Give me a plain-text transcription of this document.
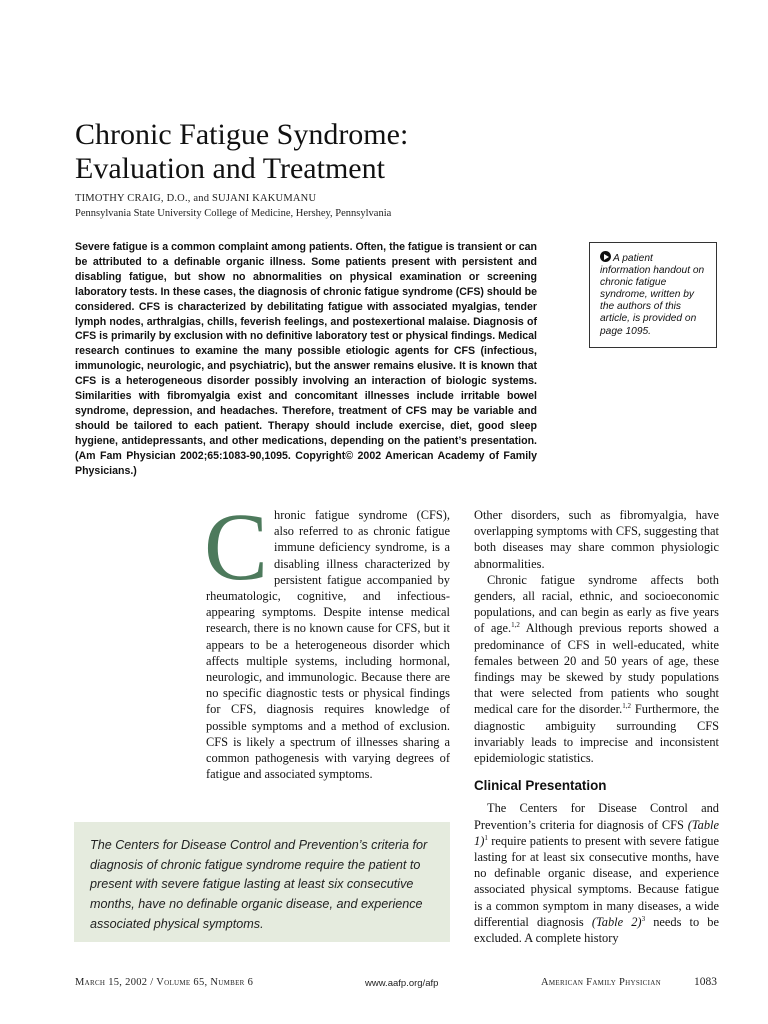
Chronic Fatigue Syndrome:
Evaluation and Treatment
TIMOTHY CRAIG, D.O., and SUJANI KAKUMANU
Pennsylvania State University College of Medicine, Hershey, Pennsylvania

Severe fatigue is a common complaint among patients. Often, the fatigue is transient or can be attributed to a definable organic illness. Some patients present with persistent and disabling fatigue, but show no abnormalities on physical examination or screening laboratory tests. In these cases, the diagnosis of chronic fatigue syndrome (CFS) should be considered. CFS is characterized by debilitating fatigue with associated myalgias, tender lymph nodes, arthralgias, chills, feverish feelings, and postexertional malaise. Diagnosis of CFS is primarily by exclusion with no definitive laboratory test or physical findings. Medical research continues to examine the many possible etiologic agents for CFS (infectious, immunologic, neurologic, and psychiatric), but the answer remains elusive. It is known that CFS is a heterogeneous disorder possibly involving an interaction of biologic systems. Similarities with fibromyalgia exist and concomitant illnesses include irritable bowel syndrome, depression, and headaches. Therefore, treatment of CFS may be variable and should be tailored to each patient. Therapy should include exercise, diet, good sleep hygiene, antidepressants, and other medications, depending on the patient’s presentation. (Am Fam Physician 2002;65:1083-90,1095. Copyright© 2002 American Academy of Family Physicians.)

A patient information handout on chronic fatigue syndrome, written by the authors of this article, is provided on page 1095.

Chronic fatigue syndrome (CFS), also referred to as chronic fatigue immune deficiency syndrome, is a disabling illness characterized by persistent fatigue accompanied by rheumatologic, cognitive, and infectious-appearing symptoms. Despite intense medical research, there is no known cause for CFS, but it appears to be a heterogeneous disorder which affects multiple systems, including hormonal, neurologic, and immunologic. Because there are no specific diagnostic tests or physical findings for CFS, diagnosis requires knowledge of possible symptoms and a method of exclusion. CFS is likely a spectrum of illnesses sharing a common pathogenesis with varying degrees of fatigue and associated symptoms.

Other disorders, such as fibromyalgia, have overlapping symptoms with CFS, suggesting that both diseases may share common physiologic abnormalities.

Chronic fatigue syndrome affects both genders, all racial, ethnic, and socioeconomic populations, and can begin as early as five years of age.$^{1,2}$ Although previous reports showed a predominance of CFS in well-educated, white females between 20 and 50 years of age, these findings may be skewed by study populations that were selected from patients who sought medical care for the disorder.$^{1,2}$ Furthermore, the diagnostic ambiguity surrounding CFS invariably leads to imprecise and inconsistent epidemiologic statistics.

Clinical Presentation

The Centers for Disease Control and Prevention’s criteria for diagnosis of CFS (Table 1)$^1$ require patients to present with severe fatigue lasting for at least six consecutive months, have no definable organic disease, and experience associated physical symptoms. Because fatigue is a common symptom in many diseases, a wide differential diagnosis (Table 2)$^3$ needs to be excluded. A complete history

The Centers for Disease Control and Prevention’s criteria for diagnosis of chronic fatigue syndrome require the patient to present with severe fatigue lasting at least six consecutive months, have no definable organic disease, and experience associated physical symptoms.
March 15, 2002 / Volume 65, Number 6	www.aafp.org/afp	American Family Physician	1083
